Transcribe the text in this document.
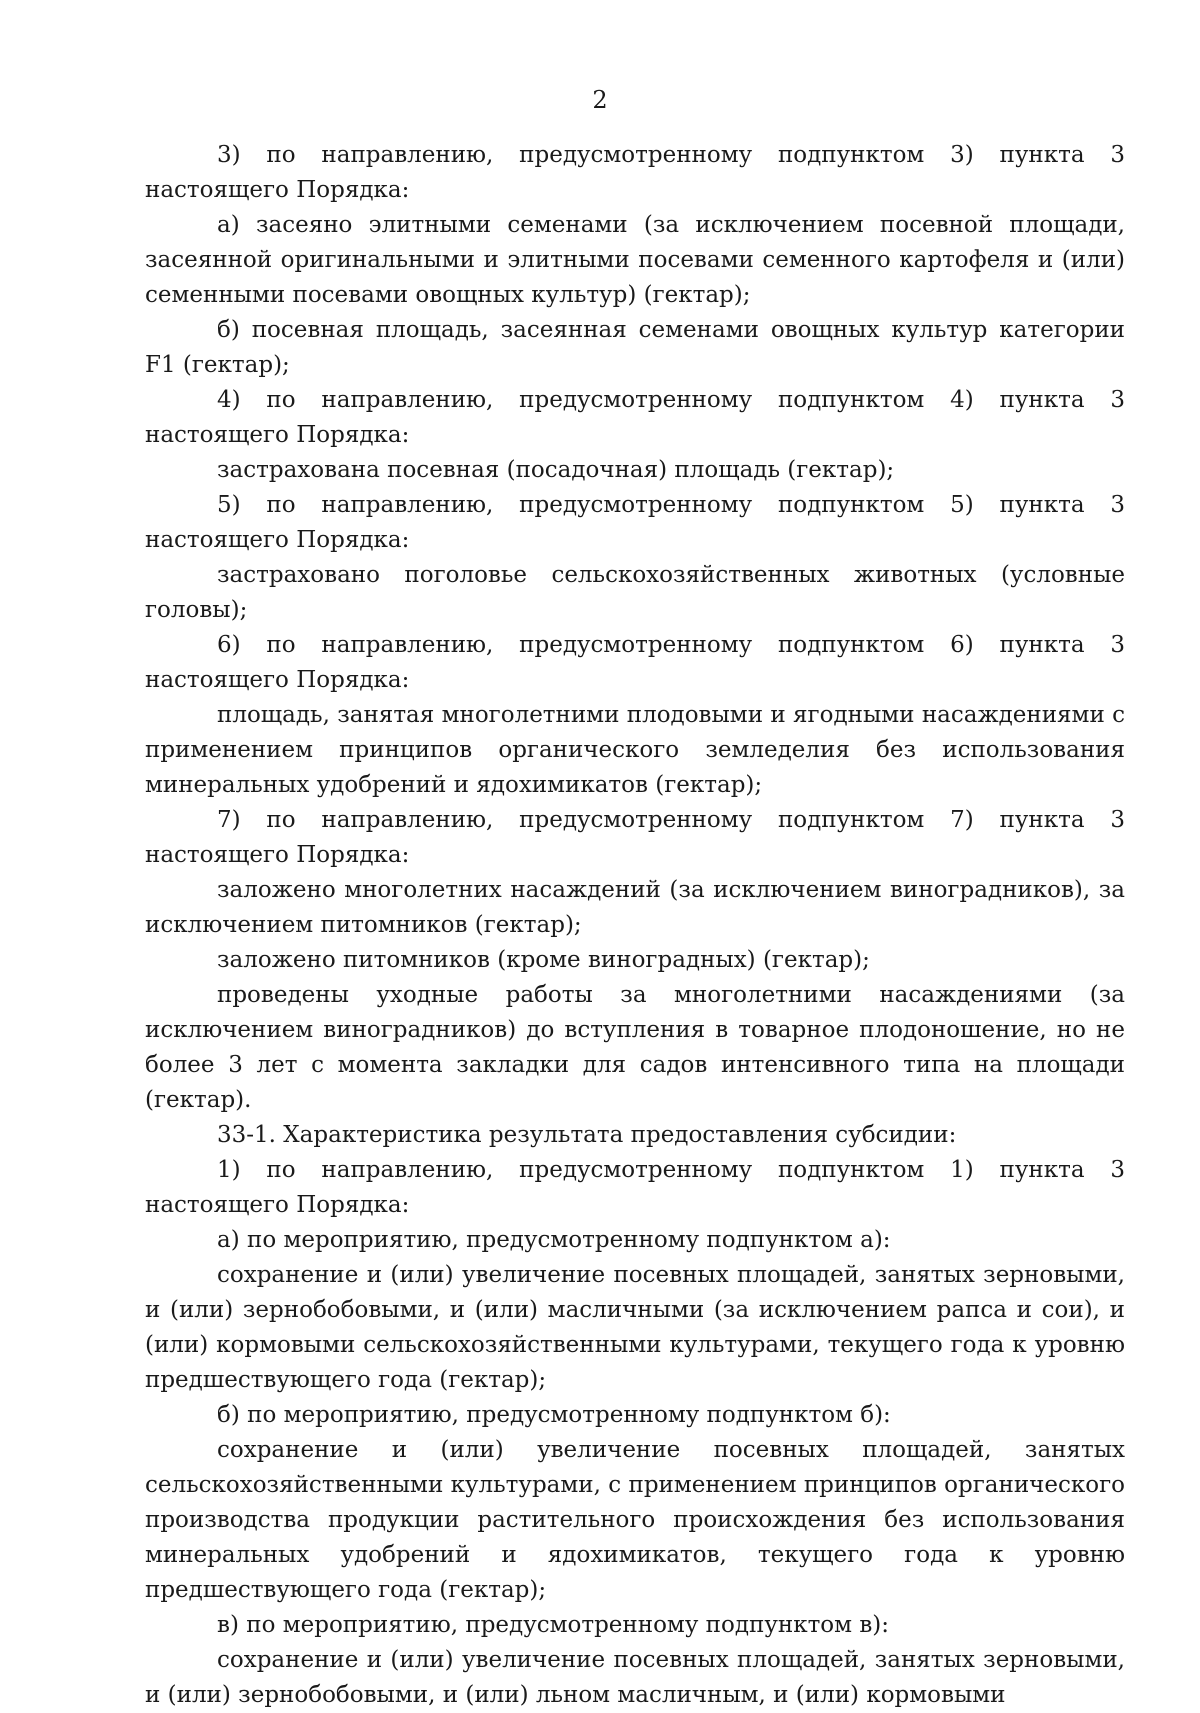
2

3) по направлению, предусмотренному подпунктом 3) пункта 3 настоящего Порядка:

а) засеяно элитными семенами (за исключением посевной площади, засеянной оригинальными и элитными посевами семенного картофеля и (или) семенными посевами овощных культур) (гектар);

б) посевная площадь, засеянная семенами овощных культур категории F1 (гектар);

4) по направлению, предусмотренному подпунктом 4) пункта 3 настоящего Порядка:

застрахована посевная (посадочная) площадь (гектар);

5) по направлению, предусмотренному подпунктом 5) пункта 3 настоящего Порядка:

застраховано поголовье сельскохозяйственных животных (условные головы);

6) по направлению, предусмотренному подпунктом 6) пункта 3 настоящего Порядка:

площадь, занятая многолетними плодовыми и ягодными насаждениями с применением принципов органического земледелия без использования минеральных удобрений и ядохимикатов (гектар);

7) по направлению, предусмотренному подпунктом 7) пункта 3 настоящего Порядка:

заложено многолетних насаждений (за исключением виноградников), за исключением питомников (гектар);

заложено питомников (кроме виноградных) (гектар);

проведены уходные работы за многолетними насаждениями (за исключением виноградников) до вступления в товарное плодоношение, но не более 3 лет с момента закладки для садов интенсивного типа на площади (гектар).

33-1. Характеристика результата предоставления субсидии:

1) по направлению, предусмотренному подпунктом 1) пункта 3 настоящего Порядка:

а) по мероприятию, предусмотренному подпунктом а):

сохранение и (или) увеличение посевных площадей, занятых зерновыми, и (или) зернобобовыми, и (или) масличными (за исключением рапса и сои), и (или) кормовыми сельскохозяйственными культурами, текущего года к уровню предшествующего года (гектар);

б) по мероприятию, предусмотренному подпунктом б):

сохранение и (или) увеличение посевных площадей, занятых сельскохозяйственными культурами, с применением принципов органического производства продукции растительного происхождения без использования минеральных удобрений и ядохимикатов, текущего года к уровню предшествующего года (гектар);

в) по мероприятию, предусмотренному подпунктом в):

сохранение и (или) увеличение посевных площадей, занятых зерновыми, и (или) зернобобовыми, и (или) льном масличным, и (или) кормовыми
